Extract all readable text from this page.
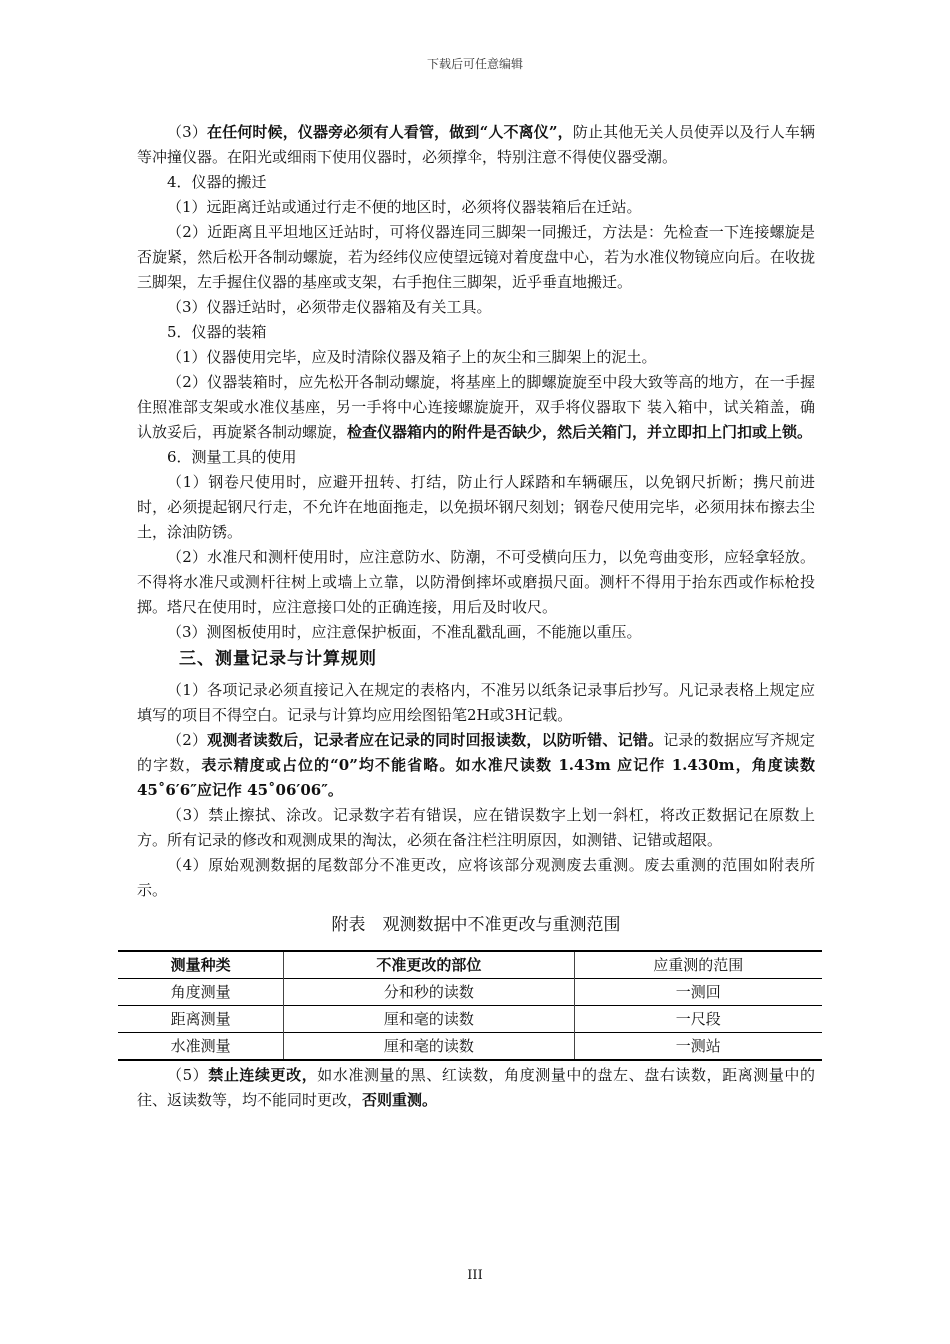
下载后可任意编辑

（3）在任何时候，仪器旁必须有人看管，做到“人不离仪”，防止其他无关人员使弄以及行人车辆等冲撞仪器。在阳光或细雨下使用仪器时，必须撑伞，特别注意不得使仪器受潮。

4．仪器的搬迁

（1）远距离迁站或通过行走不便的地区时，必须将仪器装箱后在迁站。

（2）近距离且平坦地区迁站时，可将仪器连同三脚架一同搬迁，方法是：先检查一下连接螺旋是否旋紧，然后松开各制动螺旋，若为经纬仪应使望远镜对着度盘中心，若为水准仪物镜应向后。在收拢三脚架，左手握住仪器的基座或支架，右手抱住三脚架，近乎垂直地搬迁。

（3）仪器迁站时，必须带走仪器箱及有关工具。

5．仪器的装箱

（1）仪器使用完毕，应及时清除仪器及箱子上的灰尘和三脚架上的泥土。

（2）仪器装箱时，应先松开各制动螺旋，将基座上的脚螺旋旋至中段大致等高的地方，在一手握住照准部支架或水准仪基座，另一手将中心连接螺旋旋开，双手将仪器取下 装入箱中，试关箱盖，确认放妥后，再旋紧各制动螺旋，检查仪器箱内的附件是否缺少，然后关箱门，并立即扣上门扣或上锁。

6．测量工具的使用

（1）钢卷尺使用时，应避开扭转、打结，防止行人踩踏和车辆碾压，以免钢尺折断；携尺前进时，必须提起钢尺行走，不允许在地面拖走，以免损坏钢尺刻划；钢卷尺使用完毕，必须用抹布擦去尘土，涂油防锈。

（2）水准尺和测杆使用时，应注意防水、防潮，不可受横向压力，以免弯曲变形，应轻拿轻放。不得将水准尺或测杆往树上或墙上立靠，以防滑倒摔坏或磨损尺面。测杆不得用于抬东西或作标枪投掷。塔尺在使用时，应注意接口处的正确连接，用后及时收尺。

（3）测图板使用时，应注意保护板面，不准乱戳乱画，不能施以重压。

三、测量记录与计算规则

（1）各项记录必须直接记入在规定的表格内，不准另以纸条记录事后抄写。凡记录表格上规定应填写的项目不得空白。记录与计算均应用绘图铅笔2H或3H记载。

（2）观测者读数后，记录者应在记录的同时回报读数，以防听错、记错。记录的数据应写齐规定的字数，表示精度或占位的“0”均不能省略。如水准尺读数 1.43m 应记作 1.430m，角度读数 45˚6′6″应记作 45˚06′06″。

（3）禁止擦拭、涂改。记录数字若有错误，应在错误数字上划一斜杠，将改正数据记在原数上方。所有记录的修改和观测成果的淘汰，必须在备注栏注明原因，如测错、记错或超限。

（4）原始观测数据的尾数部分不准更改，应将该部分观测废去重测。废去重测的范围如附表所示。

附表　观测数据中不准更改与重测范围
测量种类	不准更改的部位	应重测的范围
角度测量	分和秒的读数	一测回
距离测量	厘和毫的读数	一尺段
水准测量	厘和毫的读数	一测站

（5）禁止连续更改，如水准测量的黑、红读数，角度测量中的盘左、盘右读数，距离测量中的往、返读数等，均不能同时更改，否则重测。

III
